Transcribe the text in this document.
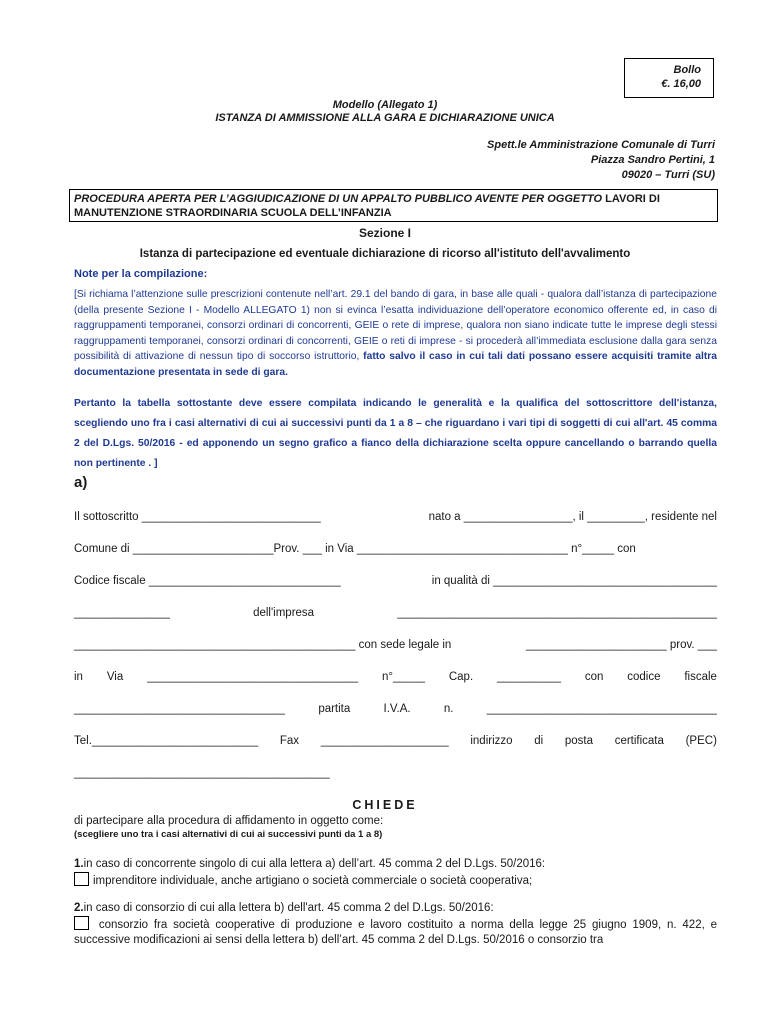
Bollo
€. 16,00
Modello (Allegato 1)
ISTANZA DI AMMISSIONE ALLA GARA E DICHIARAZIONE UNICA
Spett.le Amministrazione Comunale di Turri
Piazza Sandro Pertini, 1
09020 – Turri (SU)
PROCEDURA APERTA PER L’AGGIUDICAZIONE DI UN APPALTO PUBBLICO AVENTE PER OGGETTO LAVORI DI MANUTENZIONE STRAORDINARIA SCUOLA DELL’INFANZIA
Sezione I
Istanza di partecipazione ed eventuale dichiarazione di ricorso all'istituto dell'avvalimento
Note per la compilazione:
[Si richiama l’attenzione sulle prescrizioni contenute nell’art. 29.1 del bando di gara, in base alle quali - qualora dall’istanza di partecipazione (della presente Sezione I - Modello ALLEGATO 1) non si evinca l’esatta individuazione dell’operatore economico offerente ed, in caso di raggruppamenti temporanei, consorzi ordinari di concorrenti, GEIE o rete di imprese, qualora non siano indicate tutte le imprese degli stessi raggruppamenti temporanei, consorzi ordinari di concorrenti, GEIE o reti di imprese - si procederà all’immediata esclusione dalla gara senza possibilità di attivazione di nessun tipo di soccorso istruttorio, fatto salvo il caso in cui tali dati possano essere acquisiti tramite altra documentazione presentata in sede di gara.
Pertanto la tabella sottostante deve essere compilata indicando le generalità e la qualifica del sottoscrittore dell'istanza, scegliendo uno fra i casi alternativi di cui ai successivi punti da 1 a 8 – che riguardano i vari tipi di soggetti di cui all'art. 45 comma 2 del D.Lgs. 50/2016 - ed apponendo un segno grafico a fianco della dichiarazione scelta oppure cancellando o barrando quella non pertinente . ]
a)
Il sottoscritto ____________________________	nato a _________________, il _________, residente nel
Comune di ______________________Prov. ___ in Via _________________________________ n°_____ con
Codice fiscale ______________________________	in qualità di ___________________________________
_______________	dell'impresa	__________________________________________________
____________________________________________ con sede legale in	______________________ prov. ___
in Via _________________________________ n°_____ Cap. __________ con codice fiscale
_________________________________	partita	I.V.A.	n.	____________________________________
Tel.__________________________ Fax ____________________ indirizzo di posta certificata (PEC)
________________________________________
CHIEDE
di partecipare alla procedura di affidamento in oggetto come:
(scegliere uno tra i casi alternativi di cui ai successivi punti da 1 a 8)
1.in caso di concorrente singolo di cui alla lettera a) dell’art. 45 comma 2 del D.Lgs. 50/2016:
imprenditore individuale, anche artigiano o società commerciale o società cooperativa;
2.in caso di consorzio di cui alla lettera b) dell'art. 45 comma 2 del D.Lgs. 50/2016:
consorzio fra società cooperative di produzione e lavoro costituito a norma della legge 25 giugno 1909, n. 422, e successive modificazioni ai sensi della lettera b) dell’art. 45 comma 2 del D.Lgs. 50/2016 o consorzio tra
